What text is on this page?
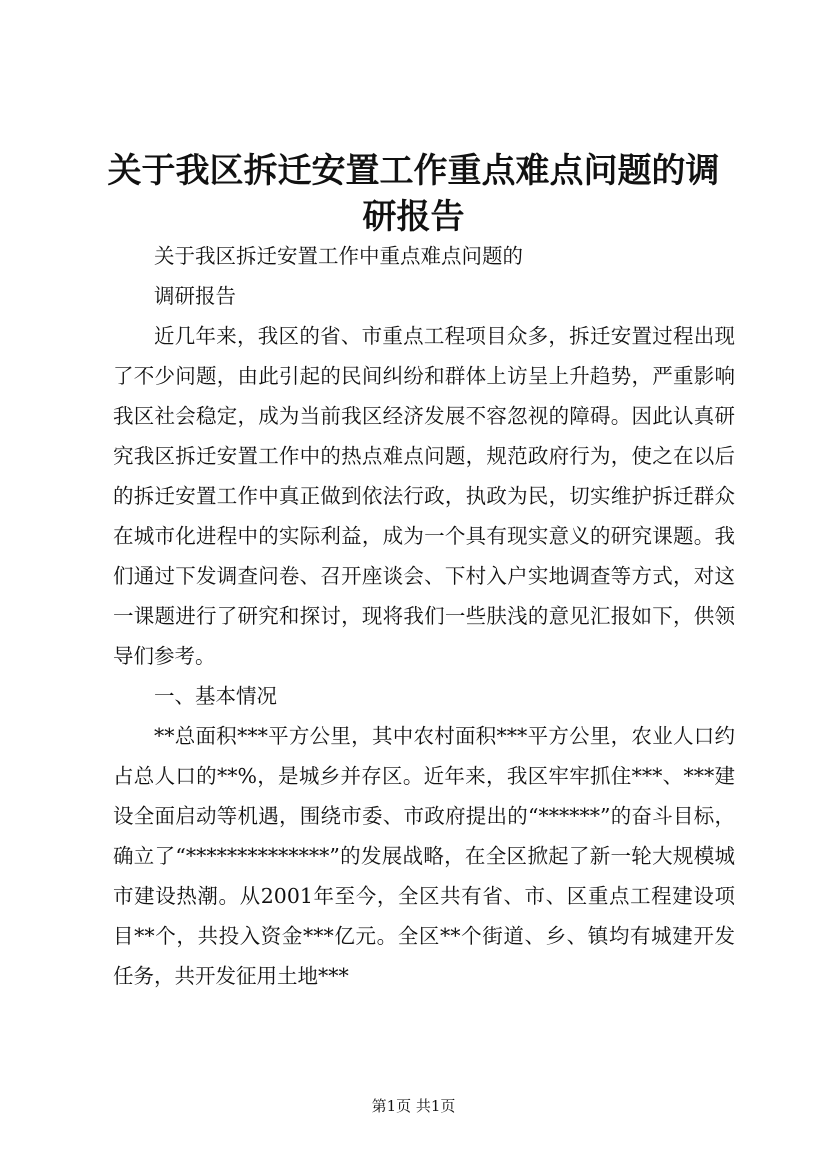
关于我区拆迁安置工作重点难点问题的调研报告

关于我区拆迁安置工作中重点难点问题的

调研报告

近几年来，我区的省、市重点工程项目众多，拆迁安置过程出现了不少问题，由此引起的民间纠纷和群体上访呈上升趋势，严重影响我区社会稳定，成为当前我区经济发展不容忽视的障碍。因此认真研究我区拆迁安置工作中的热点难点问题，规范政府行为，使之在以后的拆迁安置工作中真正做到依法行政，执政为民，切实维护拆迁群众在城市化进程中的实际利益，成为一个具有现实意义的研究课题。我们通过下发调查问卷、召开座谈会、下村入户实地调查等方式，对这一课题进行了研究和探讨，现将我们一些肤浅的意见汇报如下，供领导们参考。

一、基本情况

**总面积***平方公里，其中农村面积***平方公里，农业人口约占总人口的**%，是城乡并存区。近年来，我区牢牢抓住***、***建设全面启动等机遇，围绕市委、市政府提出的“******”的奋斗目标，确立了“**************”的发展战略，在全区掀起了新一轮大规模城市建设热潮。从2001年至今，全区共有省、市、区重点工程建设项目**个，共投入资金***亿元。全区**个街道、乡、镇均有城建开发任务，共开发征用土地***

第1页 共1页
